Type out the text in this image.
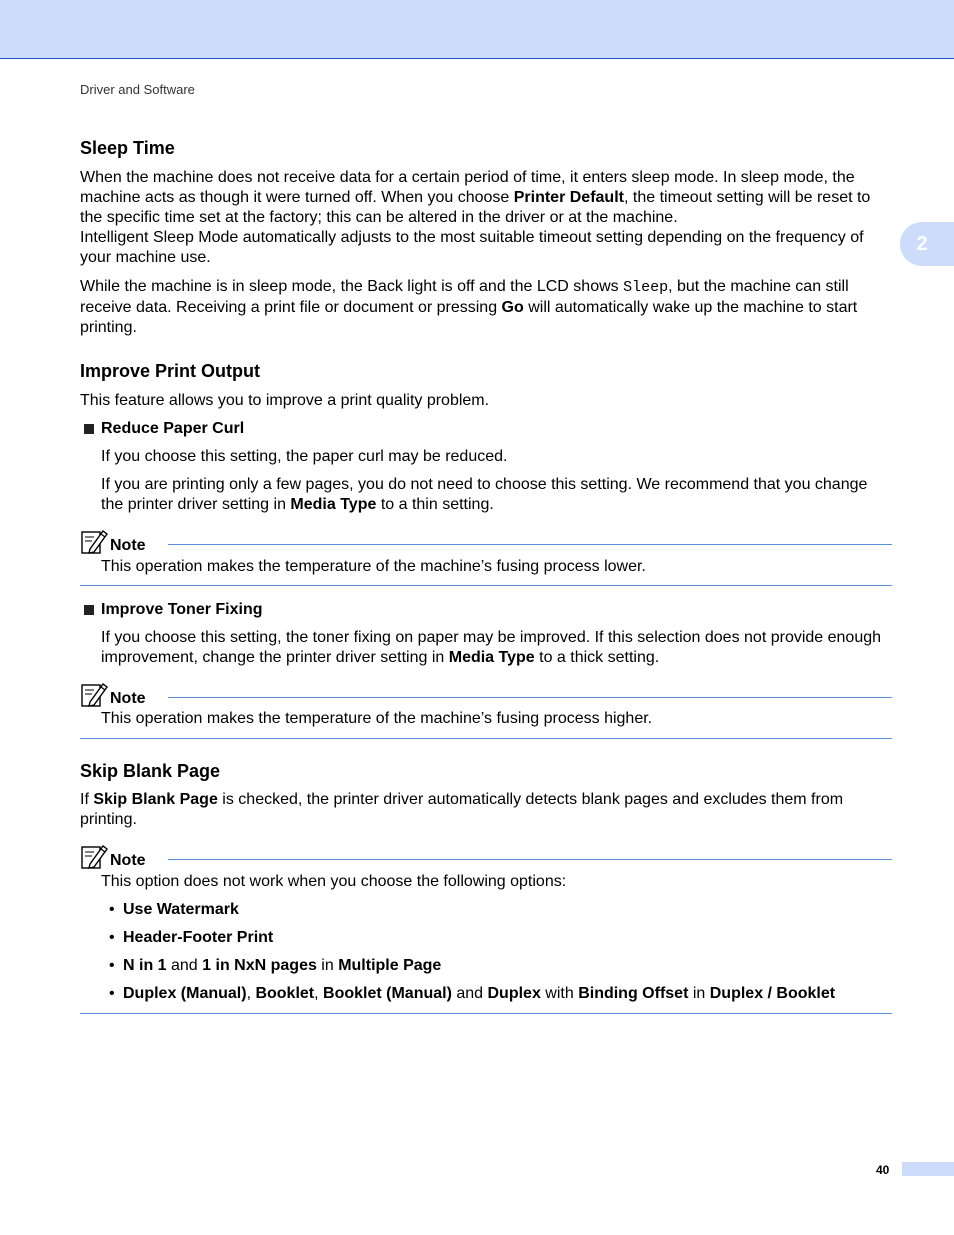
Driver and Software
2
Sleep Time

When the machine does not receive data for a certain period of time, it enters sleep mode. In sleep mode, the machine acts as though it were turned off. When you choose Printer Default, the timeout setting will be reset to the specific time set at the factory; this can be altered in the driver or at the machine.
Intelligent Sleep Mode automatically adjusts to the most suitable timeout setting depending on the frequency of your machine use.

While the machine is in sleep mode, the Back light is off and the LCD shows Sleep, but the machine can still receive data. Receiving a print file or document or pressing Go will automatically wake up the machine to start printing.

Improve Print Output

This feature allows you to improve a print quality problem.

Reduce Paper Curl

If you choose this setting, the paper curl may be reduced.

If you are printing only a few pages, you do not need to choose this setting. We recommend that you change the printer driver setting in Media Type to a thin setting.

Note

This operation makes the temperature of the machine’s fusing process lower.

Improve Toner Fixing

If you choose this setting, the toner fixing on paper may be improved. If this selection does not provide enough improvement, change the printer driver setting in Media Type to a thick setting.

Note

This operation makes the temperature of the machine’s fusing process higher.

Skip Blank Page

If Skip Blank Page is checked, the printer driver automatically detects blank pages and excludes them from printing.

Note

This option does not work when you choose the following options:

• Use Watermark
• Header-Footer Print
• N in 1 and 1 in NxN pages in Multiple Page
• Duplex (Manual), Booklet, Booklet (Manual) and Duplex with Binding Offset in Duplex / Booklet
40
